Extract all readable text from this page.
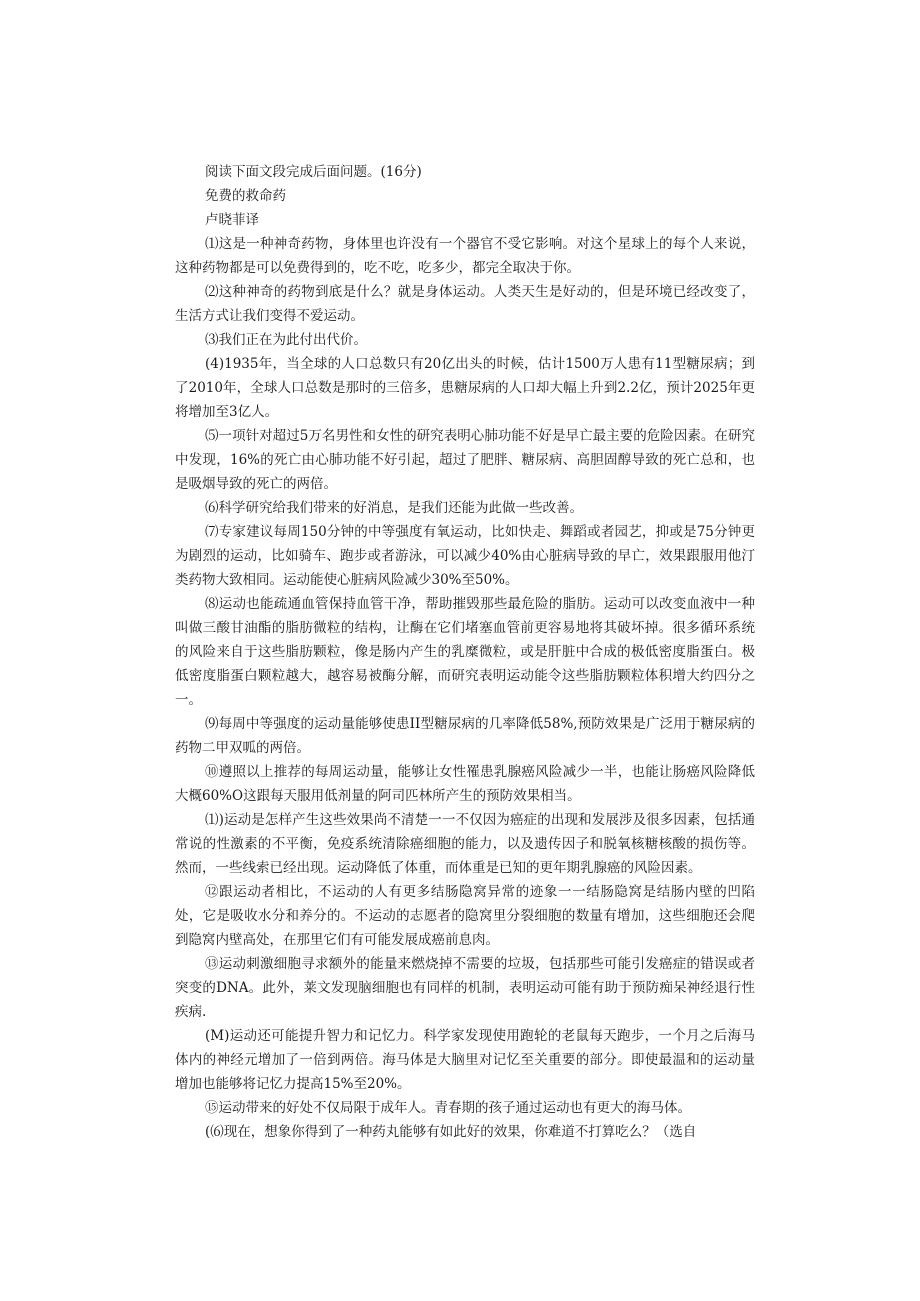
阅读下面文段完成后面问题。(16分)

免费的救命药

卢晓菲译

⑴这是一种神奇药物，身体里也许没有一个器官不受它影响。对这个星球上的每个人来说，这种药物都是可以免费得到的，吃不吃，吃多少，都完全取决于你。

⑵这种神奇的药物到底是什么？就是身体运动。人类天生是好动的，但是环境已经改变了，生活方式让我们变得不爱运动。

⑶我们正在为此付出代价。

(4)1935年，当全球的人口总数只有20亿出头的时候，估计1500万人患有11型糖尿病；到了2010年，全球人口总数是那时的三倍多，患糖尿病的人口却大幅上升到2.2亿，预计2025年更将增加至3亿人。

⑸一项针对超过5万名男性和女性的研究表明心肺功能不好是早亡最主要的危险因素。在研究中发现，16%的死亡由心肺功能不好引起，超过了肥胖、糖尿病、高胆固醇导致的死亡总和，也是吸烟导致的死亡的两倍。

⑹科学研究给我们带来的好消息，是我们还能为此做一些改善。

⑺专家建议每周150分钟的中等强度有氧运动，比如快走、舞蹈或者园艺，抑或是75分钟更为剧烈的运动，比如骑车、跑步或者游泳，可以减少40%由心脏病导致的早亡，效果跟服用他汀类药物大致相同。运动能使心脏病风险减少30%至50%。

⑻运动也能疏通血管保持血管干净，帮助摧毁那些最危险的脂肪。运动可以改变血液中一种叫做三酸甘油酯的脂肪微粒的结构，让酶在它们堵塞血管前更容易地将其破坏掉。很多循环系统的风险来自于这些脂肪颗粒，像是肠内产生的乳糜微粒，或是肝脏中合成的极低密度脂蛋白。极低密度脂蛋白颗粒越大，越容易被酶分解，而研究表明运动能令这些脂肪颗粒体积增大约四分之一。

⑼每周中等强度的运动量能够使患II型糖尿病的几率降低58%,预防效果是广泛用于糖尿病的药物二甲双呱的两倍。

⑩遵照以上推荐的每周运动量，能够让女性罹患乳腺癌风险减少一半，也能让肠癌风险降低大概60%O这跟每天服用低剂量的阿司匹林所产生的预防效果相当。

⑴)运动是怎样产生这些效果尚不清楚一一不仅因为癌症的出现和发展涉及很多因素，包括通常说的性激素的不平衡，免疫系统清除癌细胞的能力，以及遗传因子和脱氧核糖核酸的损伤等。然而，一些线索已经出现。运动降低了体重，而体重是已知的更年期乳腺癌的风险因素。

⑫跟运动者相比，不运动的人有更多结肠隐窝异常的迹象一一结肠隐窝是结肠内壁的凹陷处，它是吸收水分和养分的。不运动的志愿者的隐窝里分裂细胞的数量有增加，这些细胞还会爬到隐窝内壁高处，在那里它们有可能发展成癌前息肉。

⑬运动刺激细胞寻求额外的能量来燃烧掉不需要的垃圾，包括那些可能引发癌症的错误或者突变的DNA。此外，莱文发现脑细胞也有同样的机制，表明运动可能有助于预防痴呆神经退行性疾病.

(M)运动还可能提升智力和记忆力。科学家发现使用跑轮的老鼠每天跑步，一个月之后海马体内的神经元增加了一倍到两倍。海马体是大脑里对记忆至关重要的部分。即使最温和的运动量增加也能够将记忆力提高15%至20%。

⑮运动带来的好处不仅局限于成年人。青春期的孩子通过运动也有更大的海马体。

(⑹现在，想象你得到了一种药丸能够有如此好的效果，你难道不打算吃么？（选自
